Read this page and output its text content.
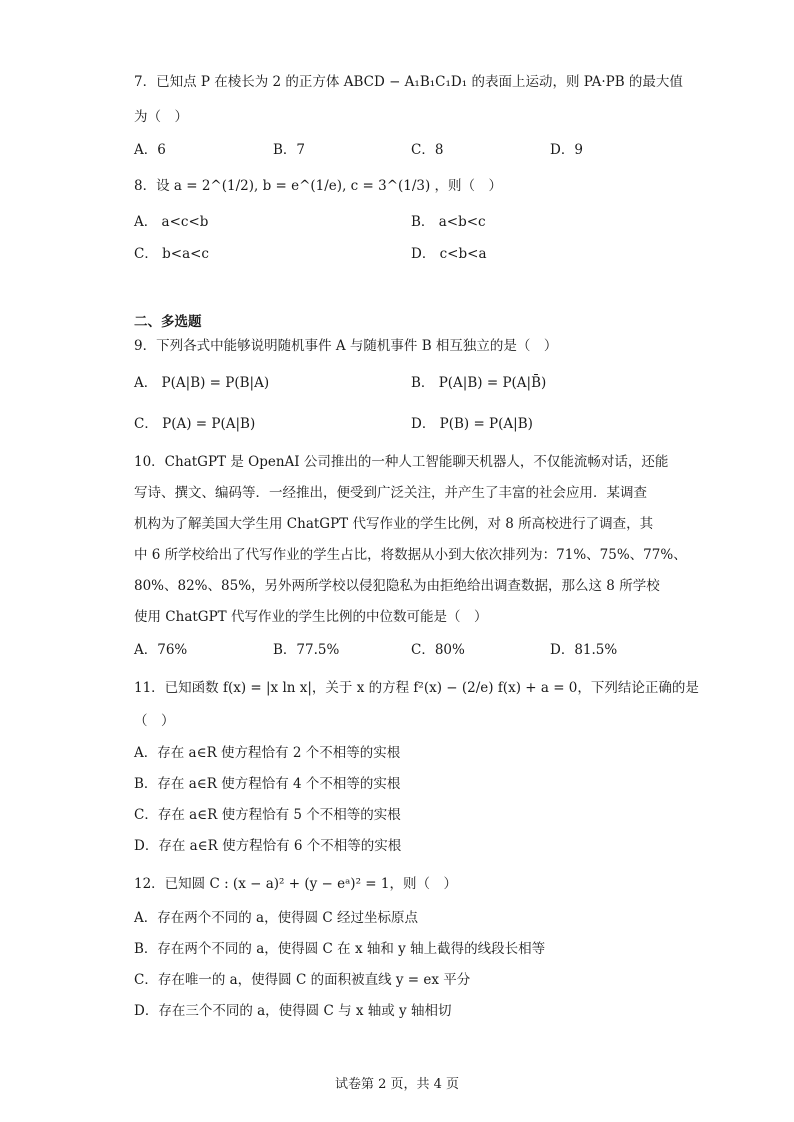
7．已知点 P 在棱长为 2 的正方体 ABCD − A₁B₁C₁D₁ 的表面上运动，则 PA·PB 的最大值
为（　）
A．6	B．7	C．8	D．9
8．设 a = 2^(1/2), b = e^(1/e), c = 3^(1/3) ，则（　）
A． a<c<b	B． a<b<c
C． b<a<c	D． c<b<a
二、多选题
9．下列各式中能够说明随机事件 A 与随机事件 B 相互独立的是（　）
A． P(A|B) = P(B|A)	B． P(A|B) = P(A|B̄)
C． P(A) = P(A|B)	D． P(B) = P(A|B)
10．ChatGPT 是 OpenAI 公司推出的一种人工智能聊天机器人，不仅能流畅对话，还能
写诗、撰文、编码等．一经推出，便受到广泛关注，并产生了丰富的社会应用．某调查
机构为了解美国大学生用 ChatGPT 代写作业的学生比例，对 8 所高校进行了调查，其
中 6 所学校给出了代写作业的学生占比，将数据从小到大依次排列为：71%、75%、77%、
80%、82%、85%，另外两所学校以侵犯隐私为由拒绝给出调查数据，那么这 8 所学校
使用 ChatGPT 代写作业的学生比例的中位数可能是（　）
A．76%	B．77.5%	C．80%	D．81.5%
11．已知函数 f(x) = |x ln x|，关于 x 的方程 f²(x) − (2/e) f(x) + a = 0，下列结论正确的是
（　）
A．存在 a∈R 使方程恰有 2 个不相等的实根
B．存在 a∈R 使方程恰有 4 个不相等的实根
C．存在 a∈R 使方程恰有 5 个不相等的实根
D．存在 a∈R 使方程恰有 6 个不相等的实根
12．已知圆 C : (x − a)² + (y − eᵃ)² = 1，则（　）
A．存在两个不同的 a，使得圆 C 经过坐标原点
B．存在两个不同的 a，使得圆 C 在 x 轴和 y 轴上截得的线段长相等
C．存在唯一的 a，使得圆 C 的面积被直线 y = ex 平分
D．存在三个不同的 a，使得圆 C 与 x 轴或 y 轴相切
试卷第 2 页，共 4 页
